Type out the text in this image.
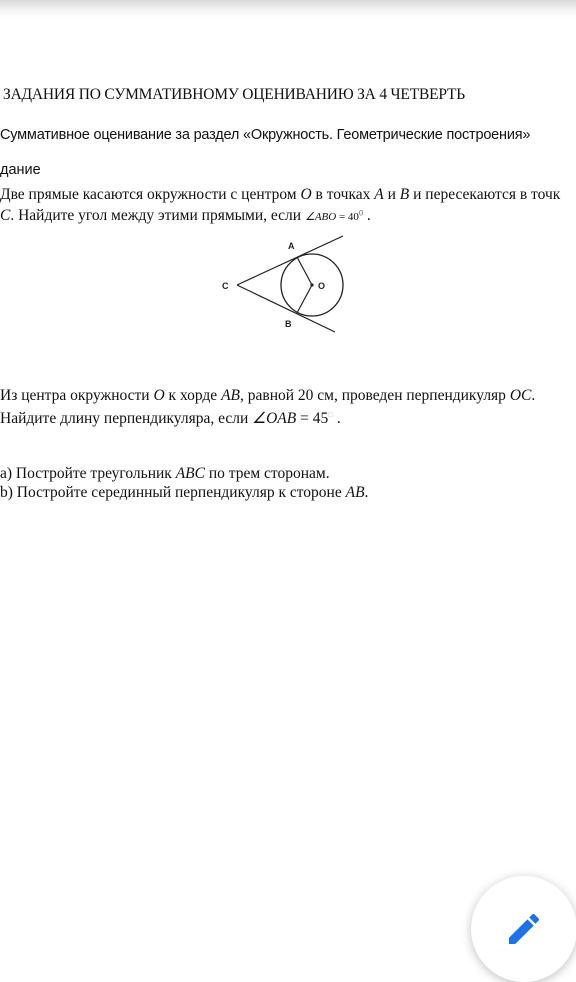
ЗАДАНИЯ ПО СУММАТИВНОМУ ОЦЕНИВАНИЮ ЗА 4 ЧЕТВЕРТЬ
Суммативное оценивание за раздел «Окружность. Геометрические построения»
дание
Две прямые касаются окружности с центром O в точках A и B и пересекаются в точк
C. Найдите угол между этими прямыми, если ∠ABO = $40^0$ .
A
B
C	O
Из центра окружности O к хорде AB, равной 20 см, проведен перпендикуляр OC.
Найдите длину перпендикуляра, если ∠OAB = 45□ .
a) Постройте треугольник ABC по трем сторонам.
b) Постройте серединный перпендикуляр к стороне AB.
